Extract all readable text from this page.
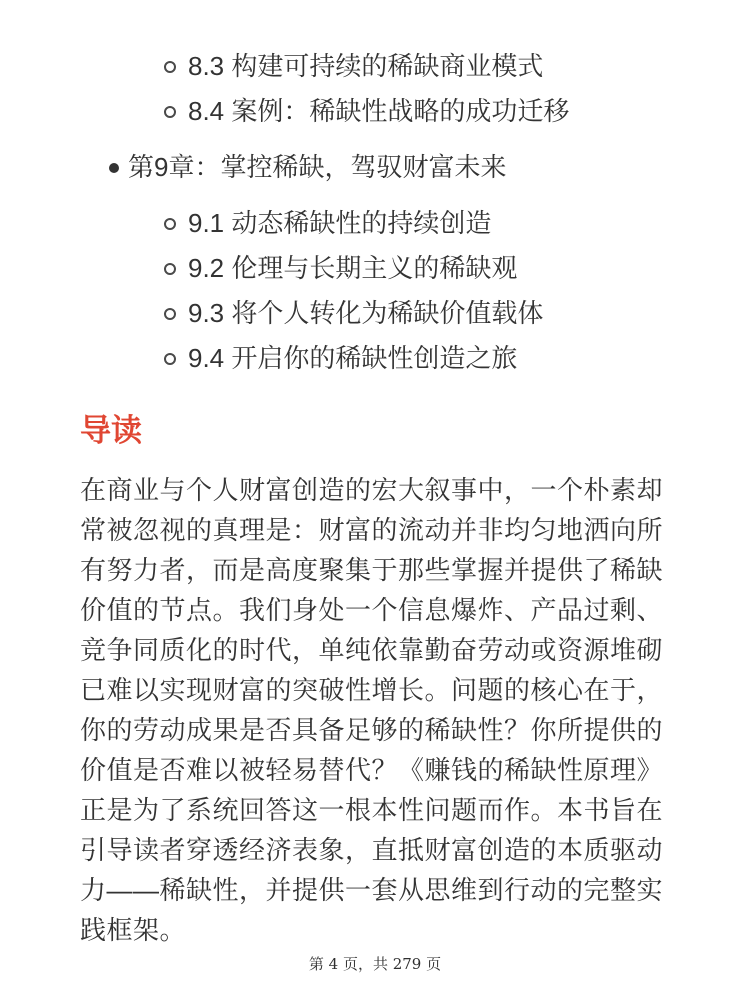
8.3 构建可持续的稀缺商业模式
8.4 案例：稀缺性战略的成功迁移
第9章：掌控稀缺，驾驭财富未来
9.1 动态稀缺性的持续创造
9.2 伦理与长期主义的稀缺观
9.3 将个人转化为稀缺价值载体
9.4 开启你的稀缺性创造之旅
导读

在商业与个人财富创造的宏大叙事中，一个朴素却常被忽视的真理是：财富的流动并非均匀地洒向所有努力者，而是高度聚集于那些掌握并提供了稀缺价值的节点。我们身处一个信息爆炸、产品过剩、竞争同质化的时代，单纯依靠勤奋劳动或资源堆砌已难以实现财富的突破性增长。问题的核心在于，你的劳动成果是否具备足够的稀缺性？你所提供的价值是否难以被轻易替代？《赚钱的稀缺性原理》正是为了系统回答这一根本性问题而作。本书旨在引导读者穿透经济表象，直抵财富创造的本质驱动力——稀缺性，并提供一套从思维到行动的完整实践框架。

第 4 页，共 279 页
